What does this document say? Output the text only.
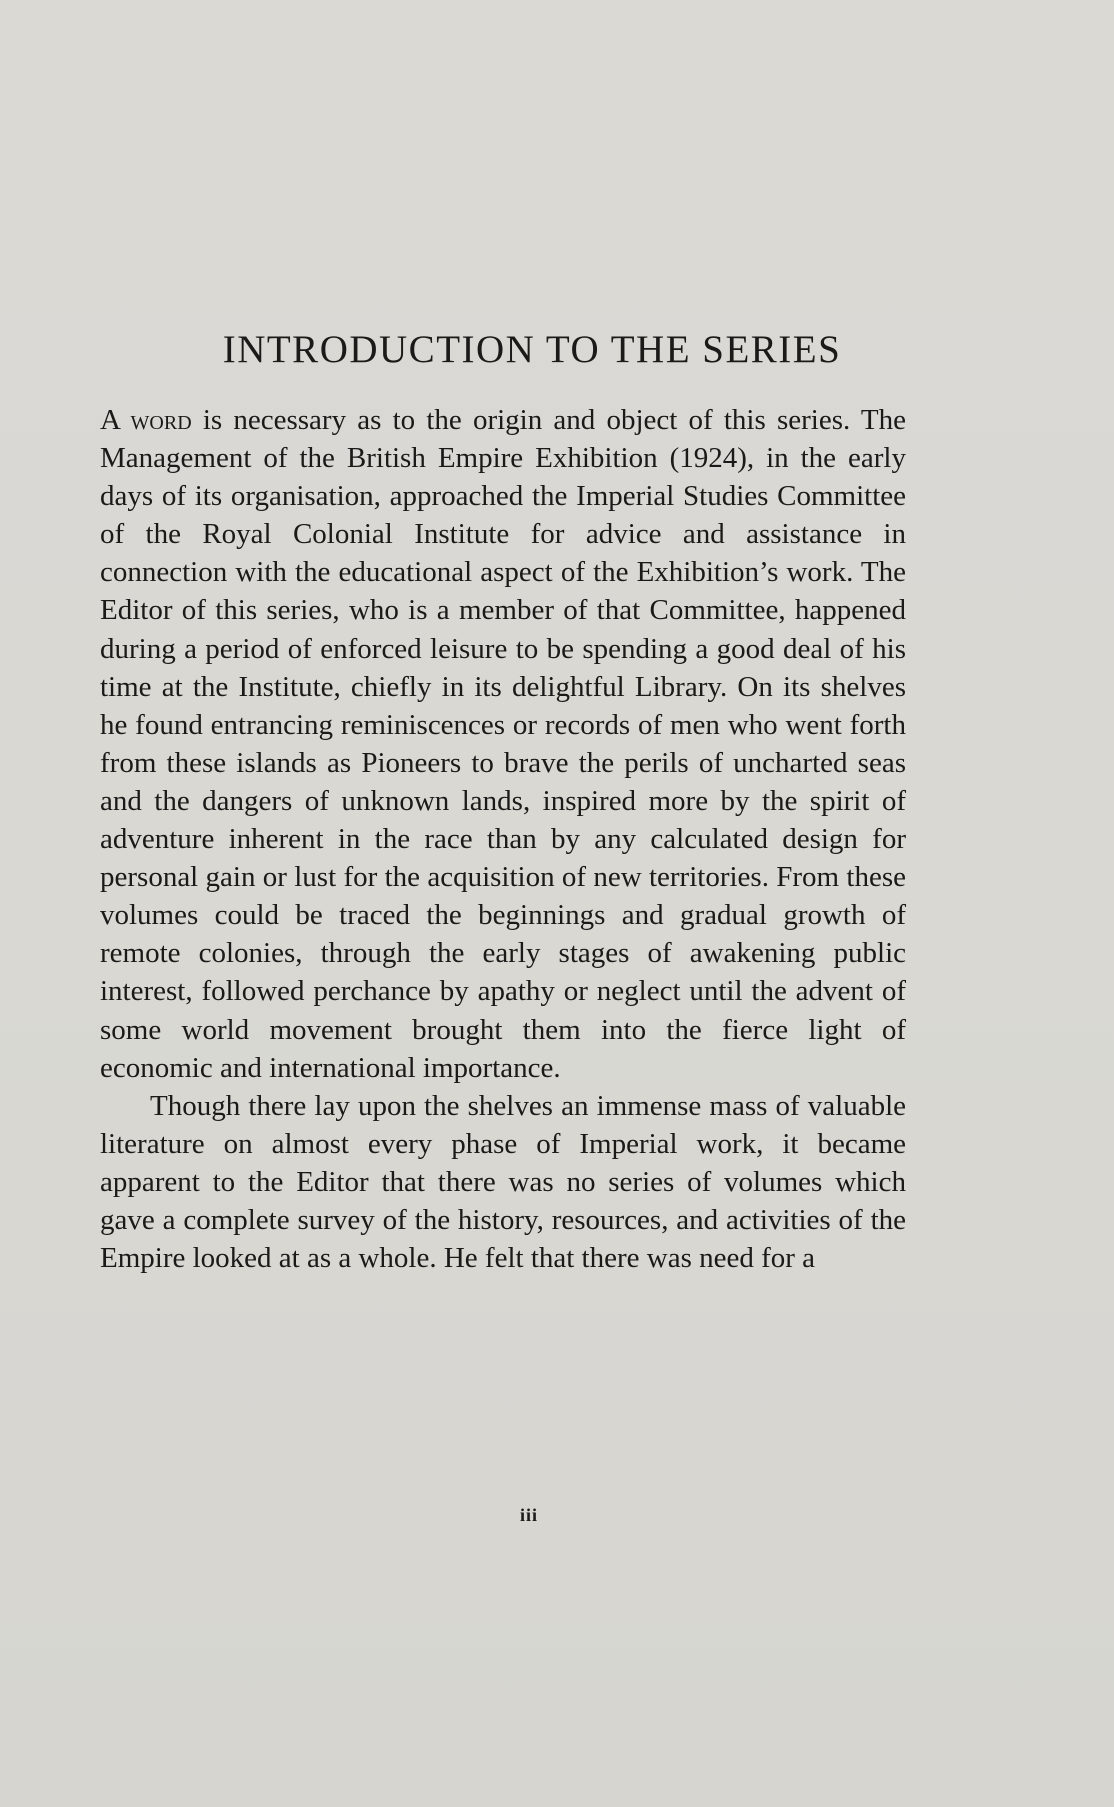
INTRODUCTION TO THE SERIES

A word is necessary as to the origin and object of this series. The Management of the British Empire Exhibition (1924), in the early days of its organisation, approached the Imperial Studies Committee of the Royal Colonial Institute for advice and assistance in connection with the educational aspect of the Exhibition’s work. The Editor of this series, who is a member of that Committee, happened during a period of enforced leisure to be spending a good deal of his time at the Institute, chiefly in its delightful Library. On its shelves he found entrancing reminiscences or records of men who went forth from these islands as Pioneers to brave the perils of uncharted seas and the dangers of unknown lands, inspired more by the spirit of adventure inherent in the race than by any calculated design for personal gain or lust for the acquisition of new territories. From these volumes could be traced the beginnings and gradual growth of remote colonies, through the early stages of awakening public interest, followed perchance by apathy or neglect until the advent of some world movement brought them into the fierce light of economic and international importance.

Though there lay upon the shelves an immense mass of valuable literature on almost every phase of Imperial work, it became apparent to the Editor that there was no series of volumes which gave a complete survey of the history, resources, and activities of the Empire looked at as a whole. He felt that there was need for a

iii
